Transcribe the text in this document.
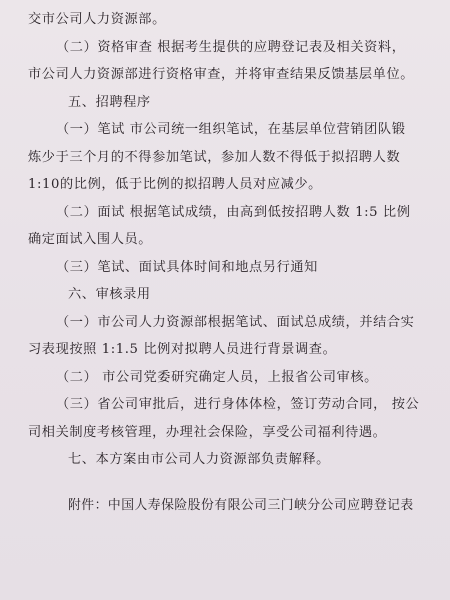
交市公司人力资源部。

（二）资格审查 根据考生提供的应聘登记表及相关资料，

市公司人力资源部进行资格审查，并将审查结果反馈基层单位。

五、招聘程序

（一）笔试 市公司统一组织笔试，在基层单位营销团队锻

炼少于三个月的不得参加笔试，参加人数不得低于拟招聘人数

1:10的比例，低于比例的拟招聘人员对应减少。

（二）面试 根据笔试成绩，由高到低按招聘人数 1:5 比例

确定面试入围人员。

（三）笔试、面试具体时间和地点另行通知

六、审核录用

（一）市公司人力资源部根据笔试、面试总成绩，并结合实

习表现按照 1:1.5 比例对拟聘人员进行背景调查。

（二） 市公司党委研究确定人员，上报省公司审核。

（三）省公司审批后，进行身体体检，签订劳动合同， 按公

司相关制度考核管理，办理社会保险，享受公司福利待遇。

七、本方案由市公司人力资源部负责解释。

附件：中国人寿保险股份有限公司三门峡分公司应聘登记表
